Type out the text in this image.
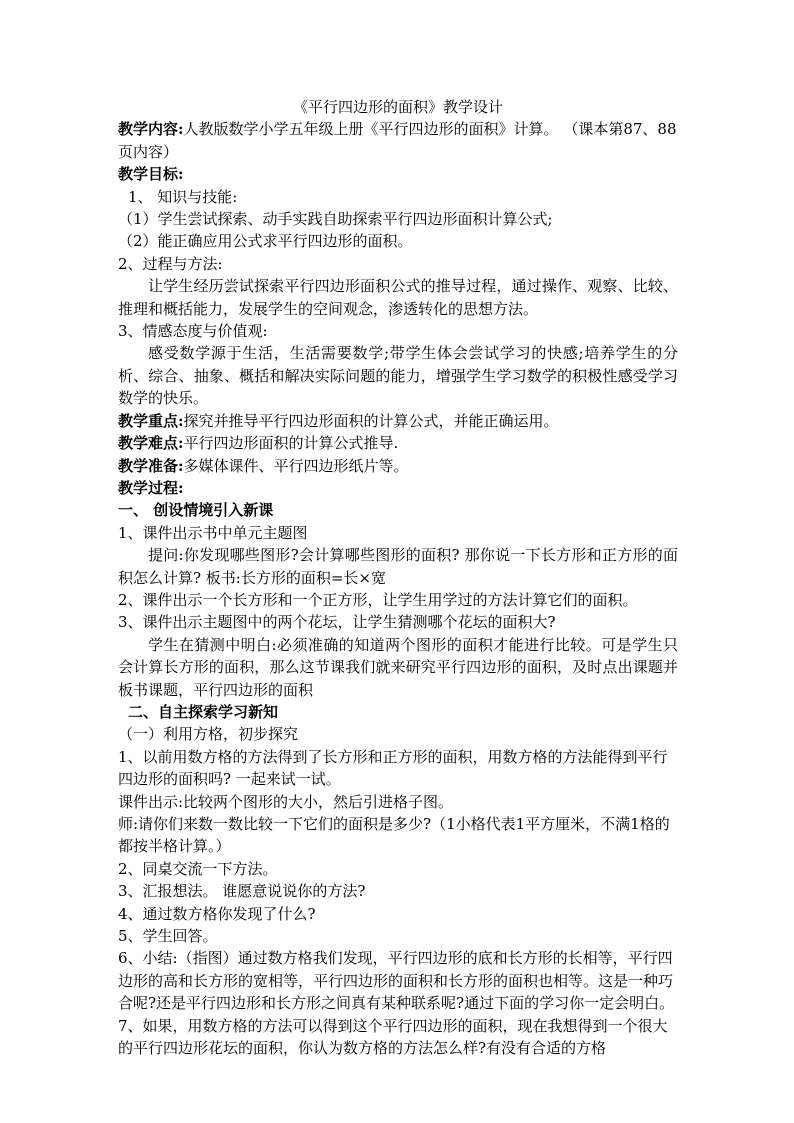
《平行四边形的面积》教学设计
教学内容:人教版数学小学五年级上册《平行四边形的面积》计算。 （课本第87、88页内容）
教学目标:
1、 知识与技能:
（1）学生尝试探索、动手实践自助探索平行四边形面积计算公式;
（2）能正确应用公式求平行四边形的面积。
2、过程与方法:
让学生经历尝试探索平行四边形面积公式的推导过程，通过操作、观察、比较、推理和概括能力，发展学生的空间观念，渗透转化的思想方法。
3、情感态度与价值观:
感受数学源于生活，生活需要数学;带学生体会尝试学习的快感;培养学生的分析、综合、抽象、概括和解决实际问题的能力，增强学生学习数学的积极性感受学习数学的快乐。
教学重点:探究并推导平行四边形面积的计算公式，并能正确运用。
教学难点:平行四边形面积的计算公式推导.
教学准备:多媒体课件、平行四边形纸片等。
教学过程:
一、 创设情境引入新课
1、课件出示书中单元主题图
提问:你发现哪些图形?会计算哪些图形的面积? 那你说一下长方形和正方形的面积怎么计算? 板书:长方形的面积=长×宽
2、课件出示一个长方形和一个正方形，让学生用学过的方法计算它们的面积。
3、课件出示主题图中的两个花坛，让学生猜测哪个花坛的面积大?
学生在猜测中明白:必须准确的知道两个图形的面积才能进行比较。可是学生只会计算长方形的面积，那么这节课我们就来研究平行四边形的面积，及时点出课题并板书课题，平行四边形的面积
二、自主探索学习新知
（一）利用方格，初步探究
1、以前用数方格的方法得到了长方形和正方形的面积，用数方格的方法能得到平行四边形的面积吗? 一起来试一试。
课件出示:比较两个图形的大小，然后引进格子图。
师:请你们来数一数比较一下它们的面积是多少?（1小格代表1平方厘米，不满1格的都按半格计算。）
2、同桌交流一下方法。
3、汇报想法。 谁愿意说说你的方法?
4、通过数方格你发现了什么?
5、学生回答。
6、小结:（指图）通过数方格我们发现，平行四边形的底和长方形的长相等，平行四边形的高和长方形的宽相等，平行四边形的面积和长方形的面积也相等。这是一种巧合呢?还是平行四边形和长方形之间真有某种联系呢?通过下面的学习你一定会明白。
7、如果，用数方格的方法可以得到这个平行四边形的面积，现在我想得到一个很大的平行四边形花坛的面积，你认为数方格的方法怎么样?有没有合适的方格
